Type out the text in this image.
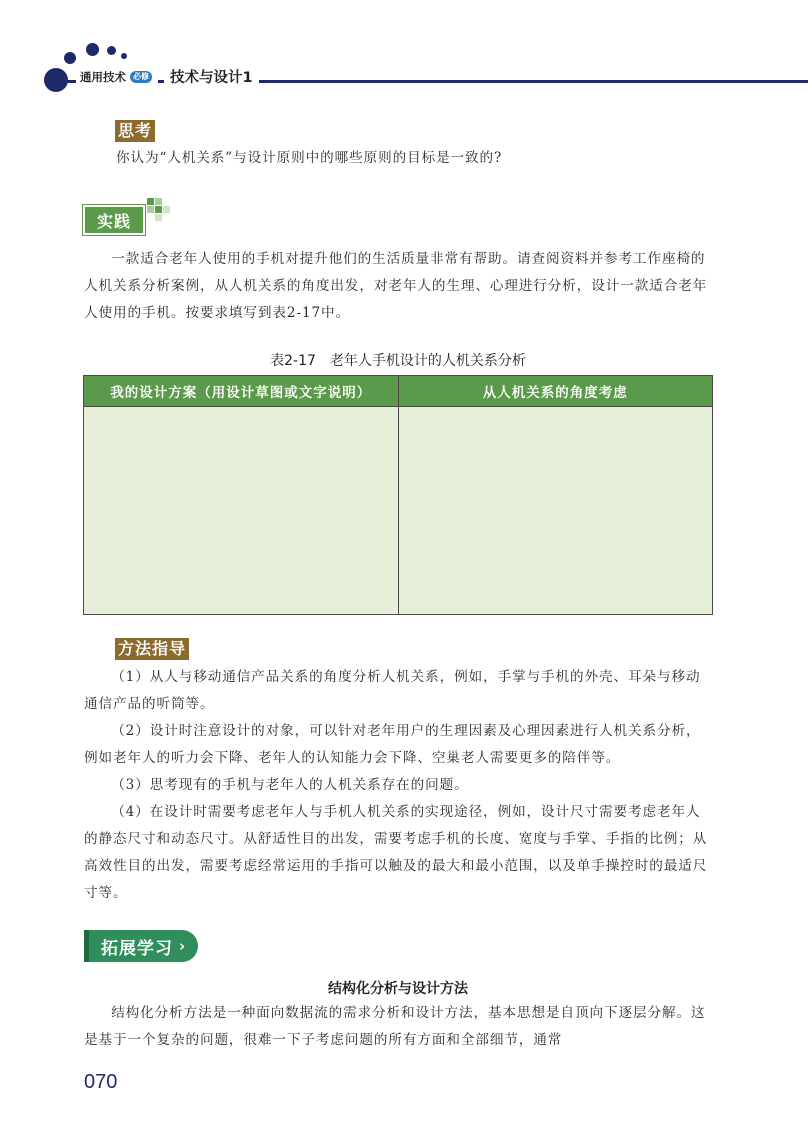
通用技术 必修	技术与设计1
思考

你认为“人机关系”与设计原则中的哪些原则的目标是一致的?

实践

一款适合老年人使用的手机对提升他们的生活质量非常有帮助。请查阅资料并参考工作座椅的人机关系分析案例，从人机关系的角度出发，对老年人的生理、心理进行分析，设计一款适合老年人使用的手机。按要求填写到表2-17中。

表2-17　老年人手机设计的人机关系分析
我的设计方案（用设计草图或文字说明）	从人机关系的角度考虑
方法指导

（1）从人与移动通信产品关系的角度分析人机关系，例如，手掌与手机的外壳、耳朵与移动通信产品的听筒等。

（2）设计时注意设计的对象，可以针对老年用户的生理因素及心理因素进行人机关系分析，例如老年人的听力会下降、老年人的认知能力会下降、空巢老人需要更多的陪伴等。

（3）思考现有的手机与老年人的人机关系存在的问题。

（4）在设计时需要考虑老年人与手机人机关系的实现途径，例如，设计尺寸需要考虑老年人的静态尺寸和动态尺寸。从舒适性目的出发，需要考虑手机的长度、宽度与手掌、手指的比例；从高效性目的出发，需要考虑经常运用的手指可以触及的最大和最小范围，以及单手操控时的最适尺寸等。

拓展学习 ›
结构化分析与设计方法

结构化分析方法是一种面向数据流的需求分析和设计方法，基本思想是自顶向下逐层分解。这是基于一个复杂的问题，很难一下子考虑问题的所有方面和全部细节，通常

070
